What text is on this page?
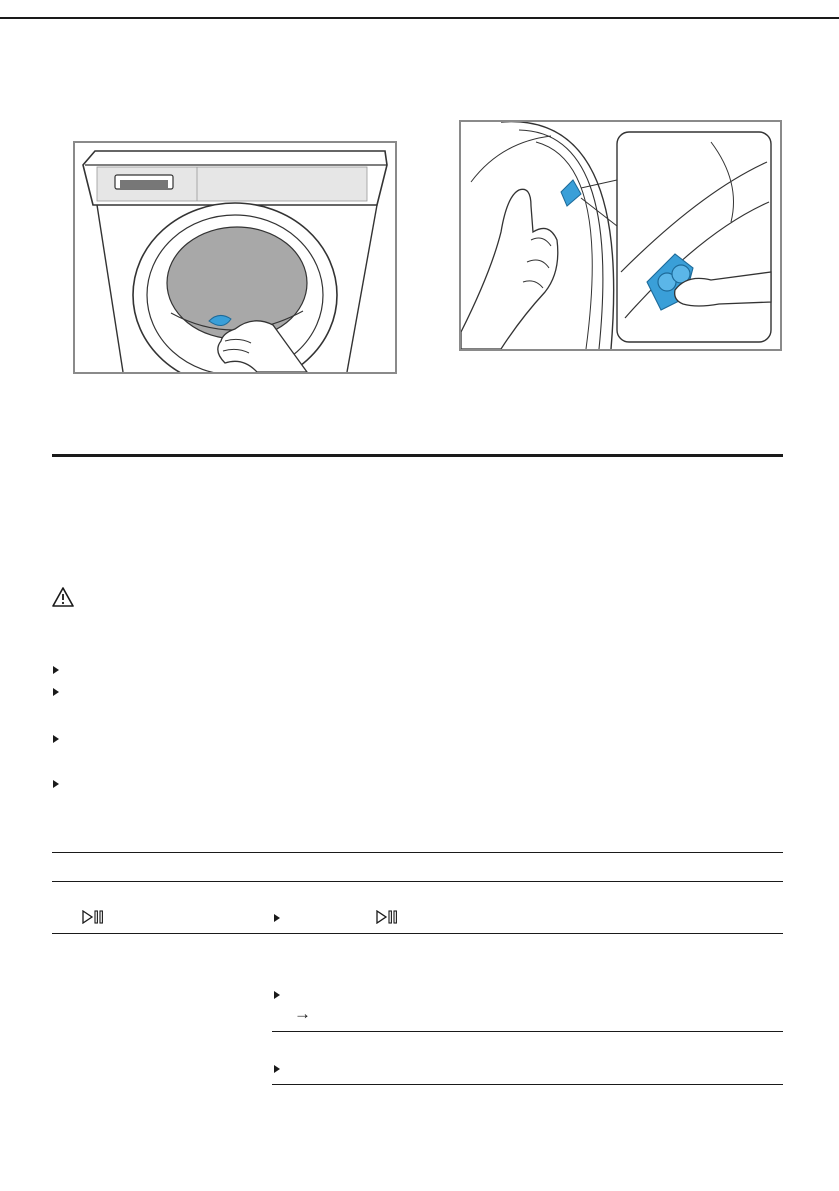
→
